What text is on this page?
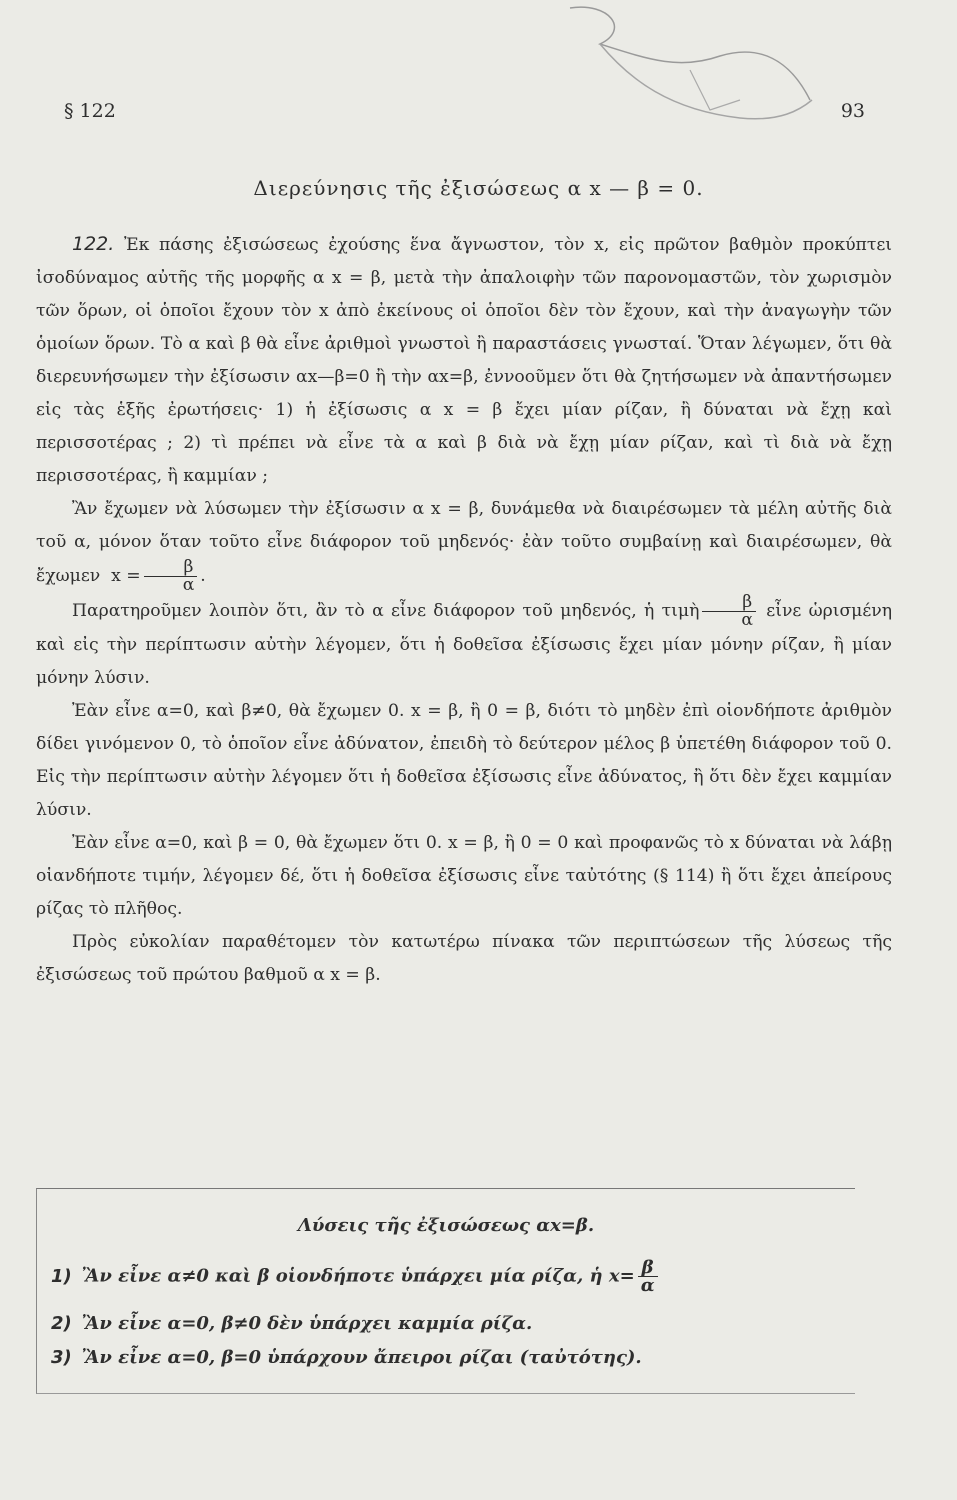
§ 122	93
Διερεύνησις τῆς ἐξισώσεως α x — β = 0.

122. Ἐκ πάσης ἐξισώσεως ἐχούσης ἕνα ἄγνωστον, τὸν x, εἰς πρῶτον βαθμὸν προκύπτει ἰσοδύναμος αὐτῆς τῆς μορφῆς α x = β, μετὰ τὴν ἀπαλοιφὴν τῶν παρονομαστῶν, τὸν χωρισμὸν τῶν ὅρων, οἱ ὁποῖοι ἔχουν τὸν x ἀπὸ ἐκείνους οἱ ὁποῖοι δὲν τὸν ἔχουν, καὶ τὴν ἀναγωγὴν τῶν ὁμοίων ὅρων. Τὸ α καὶ β θὰ εἶνε ἀριθμοὶ γνωστοὶ ἢ παραστάσεις γνωσταί. Ὅταν λέγωμεν, ὅτι θὰ διερευνήσωμεν τὴν ἐξίσωσιν αx—β=0 ἢ τὴν αx=β, ἐννοοῦμεν ὅτι θὰ ζητήσωμεν νὰ ἀπαντήσωμεν εἰς τὰς ἑξῆς ἐρωτήσεις· 1) ἡ ἐξίσωσις α x = β ἔχει μίαν ρίζαν, ἢ δύναται νὰ ἔχῃ καὶ περισσοτέρας ; 2) τὶ πρέπει νὰ εἶνε τὰ α καὶ β διὰ νὰ ἔχῃ μίαν ρίζαν, καὶ τὶ διὰ νὰ ἔχῃ περισσοτέρας, ἢ καμμίαν ;

Ἂν ἔχωμεν νὰ λύσωμεν τὴν ἐξίσωσιν α x = β, δυνάμεθα νὰ διαιρέσωμεν τὰ μέλη αὐτῆς διὰ τοῦ α, μόνον ὅταν τοῦτο εἶνε διάφορον τοῦ μηδενός· ἐὰν τοῦτο συμβαίνῃ καὶ διαιρέσωμεν, θὰ ἔχωμεν $x = \frac{\beta}{\alpha}$ .

Παρατηροῦμεν λοιπὸν ὅτι, ἂν τὸ α εἶνε διάφορον τοῦ μηδενός, ἡ τιμὴ $\frac{\beta}{\alpha}$ εἶνε ὡρισμένη καὶ εἰς τὴν περίπτωσιν αὐτὴν λέγομεν, ὅτι ἡ δοθεῖσα ἐξίσωσις ἔχει μίαν μόνην ρίζαν, ἢ μίαν μόνην λύσιν.

Ἐὰν εἶνε α=0, καὶ β≠0, θὰ ἔχωμεν 0. x = β, ἢ 0 = β, διότι τὸ μηδὲν ἐπὶ οἱονδήποτε ἀριθμὸν δίδει γινόμενον 0, τὸ ὁποῖον εἶνε ἀδύνατον, ἐπειδὴ τὸ δεύτερον μέλος β ὑπετέθη διάφορον τοῦ 0. Εἰς τὴν περίπτωσιν αὐτὴν λέγομεν ὅτι ἡ δοθεῖσα ἐξίσωσις εἶνε ἀδύνατος, ἢ ὅτι δὲν ἔχει καμμίαν λύσιν.

Ἐὰν εἶνε α=0, καὶ β = 0, θὰ ἔχωμεν ὅτι 0. x = β, ἢ 0 = 0 καὶ προφανῶς τὸ x δύναται νὰ λάβῃ οἱανδήποτε τιμήν, λέγομεν δέ, ὅτι ἡ δοθεῖσα ἐξίσωσις εἶνε ταὐτότης (§ 114) ἢ ὅτι ἔχει ἀπείρους ρίζας τὸ πλῆθος.

Πρὸς εὐκολίαν παραθέτομεν τὸν κατωτέρω πίνακα τῶν περιπτώσεων τῆς λύσεως τῆς ἐξισώσεως τοῦ πρώτου βαθμοῦ α x = β.

Λύσεις τῆς ἐξισώσεως αx=β.
1) Ἂν εἶνε α≠0 καὶ β οἱονδήποτε ὑπάρχει μία ρίζα, ἡ $x= \frac{\beta}{\alpha}$
2) Ἂν εἶνε α=0, β≠0 δὲν ὑπάρχει καμμία ρίζα.
3) Ἂν εἶνε α=0, β=0 ὑπάρχουν ἄπειροι ρίζαι (ταὐτότης).
